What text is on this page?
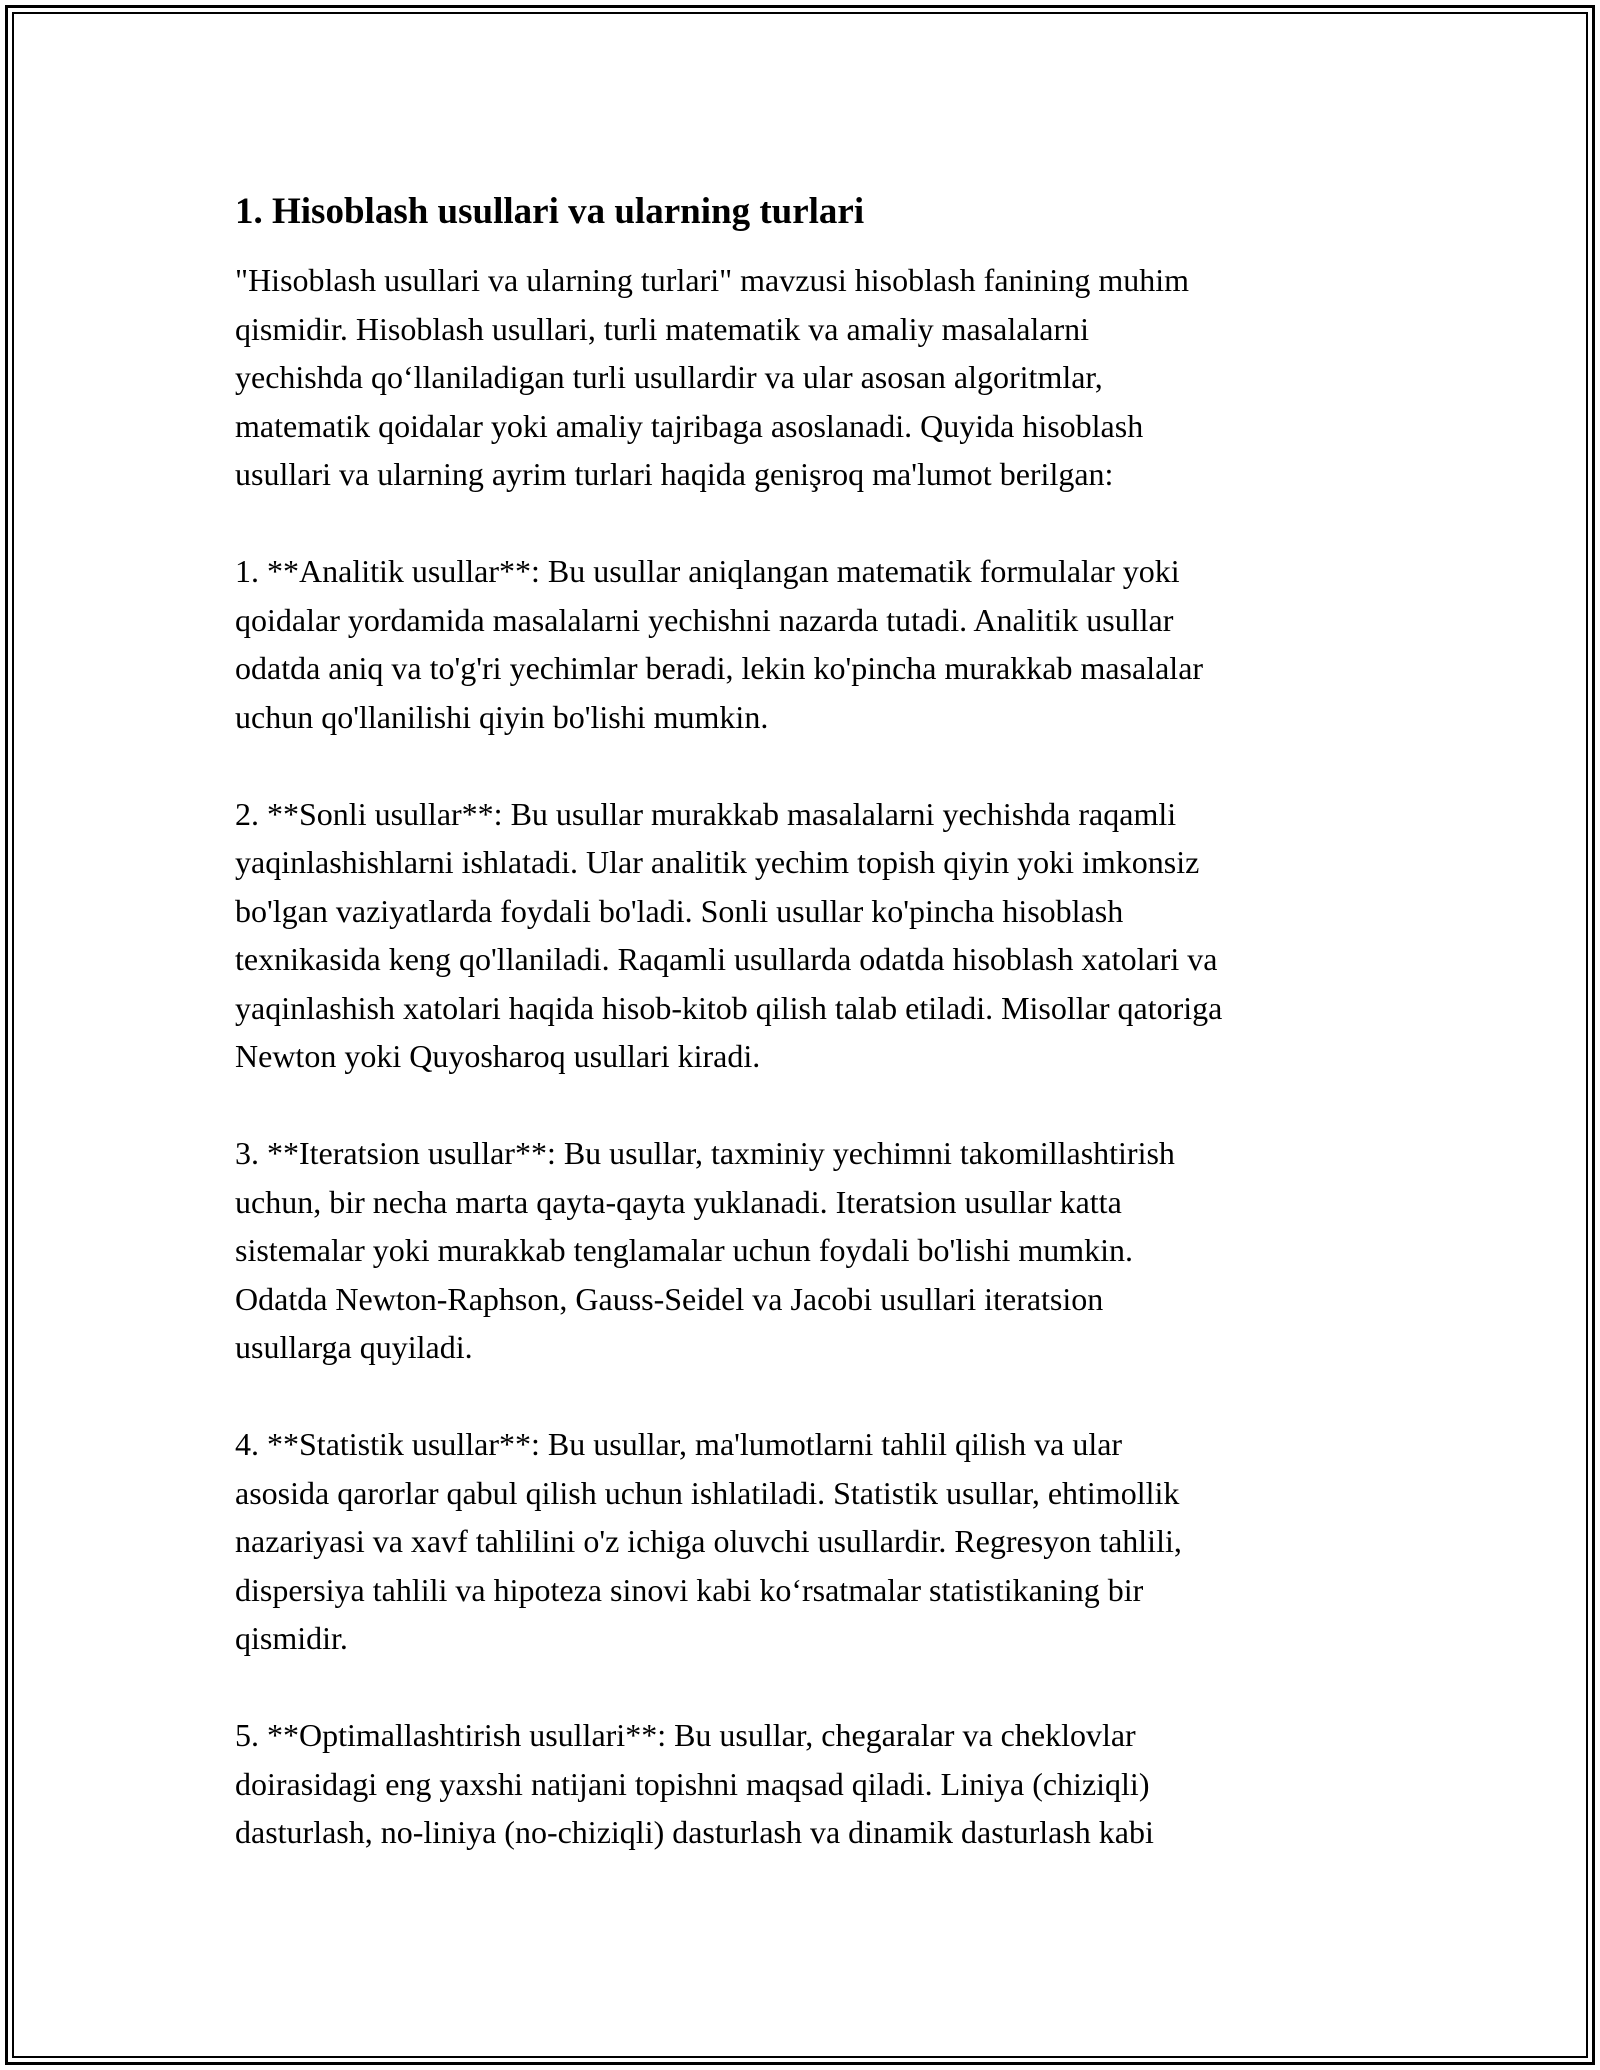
1. Hisoblash usullari va ularning turlari

"Hisoblash usullari va ularning turlari" mavzusi hisoblash fanining muhim
qismidir. Hisoblash usullari, turli matematik va amaliy masalalarni
yechishda qo‘llaniladigan turli usullardir va ular asosan algoritmlar,
matematik qoidalar yoki amaliy tajribaga asoslanadi. Quyida hisoblash
usullari va ularning ayrim turlari haqida genişroq ma'lumot berilgan:

1. **Analitik usullar**: Bu usullar aniqlangan matematik formulalar yoki
qoidalar yordamida masalalarni yechishni nazarda tutadi. Analitik usullar
odatda aniq va to'g'ri yechimlar beradi, lekin ko'pincha murakkab masalalar
uchun qo'llanilishi qiyin bo'lishi mumkin.

2. **Sonli usullar**: Bu usullar murakkab masalalarni yechishda raqamli
yaqinlashishlarni ishlatadi. Ular analitik yechim topish qiyin yoki imkonsiz
bo'lgan vaziyatlarda foydali bo'ladi. Sonli usullar ko'pincha hisoblash
texnikasida keng qo'llaniladi. Raqamli usullarda odatda hisoblash xatolari va
yaqinlashish xatolari haqida hisob-kitob qilish talab etiladi. Misollar qatoriga
Newton yoki Quyosharoq usullari kiradi.

3. **Iteratsion usullar**: Bu usullar, taxminiy yechimni takomillashtirish
uchun, bir necha marta qayta-qayta yuklanadi. Iteratsion usullar katta
sistemalar yoki murakkab tenglamalar uchun foydali bo'lishi mumkin.
Odatda Newton-Raphson, Gauss-Seidel va Jacobi usullari iteratsion
usullarga quyiladi.

4. **Statistik usullar**: Bu usullar, ma'lumotlarni tahlil qilish va ular
asosida qarorlar qabul qilish uchun ishlatiladi. Statistik usullar, ehtimollik
nazariyasi va xavf tahlilini o'z ichiga oluvchi usullardir. Regresyon tahlili,
dispersiya tahlili va hipoteza sinovi kabi ko‘rsatmalar statistikaning bir
qismidir.

5. **Optimallashtirish usullari**: Bu usullar, chegaralar va cheklovlar
doirasidagi eng yaxshi natijani topishni maqsad qiladi. Liniya (chiziqli)
dasturlash, no-liniya (no-chiziqli) dasturlash va dinamik dasturlash kabi
